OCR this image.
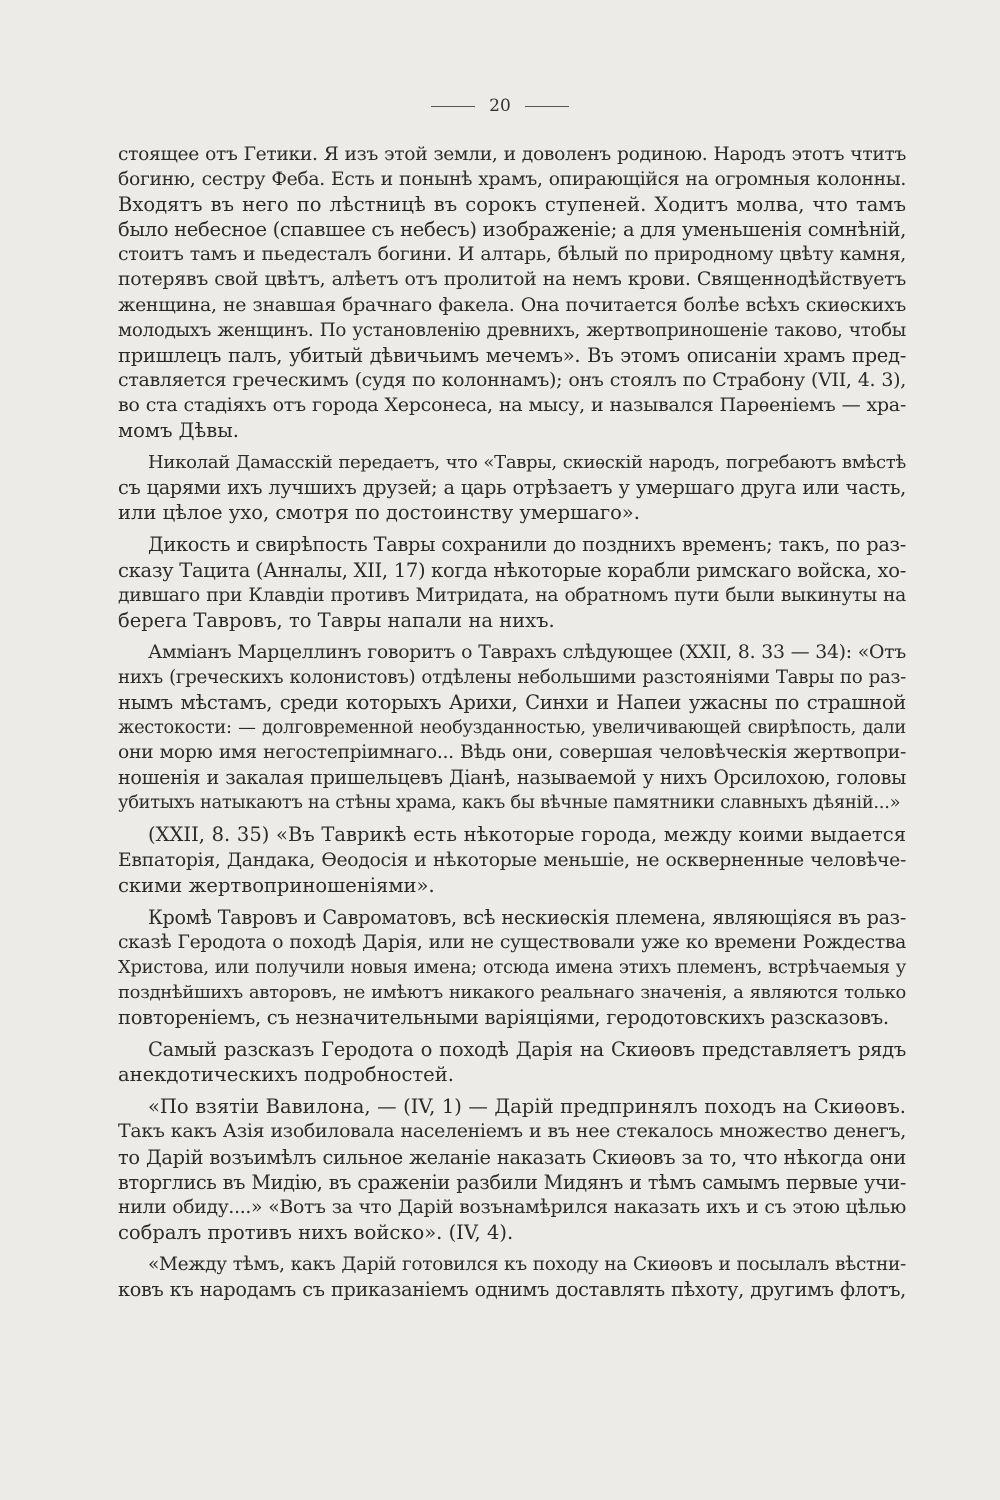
20
стоящее отъ Гетики. Я изъ этой земли, и доволенъ родиною. Народъ этотъ чтитъ
богиню, сестру Феба. Есть и понынѣ храмъ, опирающійся на огромныя колонны.
Входятъ въ него по лѣстницѣ въ сорокъ ступеней. Ходитъ молва, что тамъ
было небесное (спавшее съ небесъ) изображеніе; а для уменьшенія сомнѣній,
стоитъ тамъ и пьедесталъ богини. И алтарь, бѣлый по природному цвѣту камня,
потерявъ свой цвѣтъ, алѣетъ отъ пролитой на немъ крови. Священнодѣйствуетъ
женщина, не знавшая брачнаго факела. Она почитается болѣе всѣхъ скиѳскихъ
молодыхъ женщинъ. По установленію древнихъ, жертвоприношеніе таково, чтобы
пришлецъ палъ, убитый дѣвичьимъ мечемъ». Въ этомъ описаніи храмъ пред-
ставляется греческимъ (судя по колоннамъ); онъ стоялъ по Страбону (VII, 4. 3),
во ста стадіяхъ отъ города Херсонеса, на мысу, и назывался Парѳеніемъ — хра-
момъ Дѣвы.
Николай Дамасскій передаетъ, что «Тавры, скиѳскій народъ, погребаютъ вмѣстѣ
съ царями ихъ лучшихъ друзей; а царь отрѣзаетъ у умершаго друга или часть,
или цѣлое ухо, смотря по достоинству умершаго».
Дикость и свирѣпость Тавры сохранили до позднихъ временъ; такъ, по раз-
сказу Тацита (Анналы, XII, 17) когда нѣкоторые корабли римскаго войска, хо-
дившаго при Клавдіи противъ Митридата, на обратномъ пути были выкинуты на
берега Тавровъ, то Тавры напали на нихъ.
Амміанъ Марцеллинъ говоритъ о Таврахъ слѣдующее (XXII, 8. 33 — 34): «Отъ
нихъ (греческихъ колонистовъ) отдѣлены небольшими разстояніями Тавры по раз-
нымъ мѣстамъ, среди которыхъ Арихи, Синхи и Напеи ужасны по страшной
жестокости: — долговременной необузданностью, увеличивающей свирѣпость, дали
они морю имя негостепріимнаго... Вѣдь они, совершая человѣческія жертвопри-
ношенія и закалая пришельцевъ Діанѣ, называемой у нихъ Орсилохою, головы
убитыхъ натыкаютъ на стѣны храма, какъ бы вѣчные памятники славныхъ дѣяній...»
(XXII, 8. 35) «Въ Таврикѣ есть нѣкоторые города, между коими выдается
Евпаторія, Дандака, Ѳеодосія и нѣкоторые меньшіе, не оскверненные человѣче-
скими жертвоприношеніями».
Кромѣ Тавровъ и Савроматовъ, всѣ нескиѳскія племена, являющіяся въ раз-
сказѣ Геродота о походѣ Дарія, или не существовали уже ко времени Рождества
Христова, или получили новыя имена; отсюда имена этихъ племенъ, встрѣчаемыя у
позднѣйшихъ авторовъ, не имѣютъ никакого реальнаго значенія, а являются только
повтореніемъ, съ незначительными варіяціями, геродотовскихъ разсказовъ.
Самый разсказъ Геродота о походѣ Дарія на Скиѳовъ представляетъ рядъ
анекдотическихъ подробностей.
«По взятіи Вавилона, — (IV, 1) — Дарій предпринялъ походъ на Скиѳовъ.
Такъ какъ Азія изобиловала населеніемъ и въ нее стекалось множество денегъ,
то Дарій возъимѣлъ сильное желаніе наказать Скиѳовъ за то, что нѣкогда они
вторглись въ Мидію, въ сраженіи разбили Мидянъ и тѣмъ самымъ первые учи-
нили обиду....» «Вотъ за что Дарій возънамѣрился наказать ихъ и съ этою цѣлью
собралъ противъ нихъ войско». (IV, 4).
«Между тѣмъ, какъ Дарій готовился къ походу на Скиѳовъ и посылалъ вѣстни-
ковъ къ народамъ съ приказаніемъ однимъ доставлять пѣхоту, другимъ флотъ,
